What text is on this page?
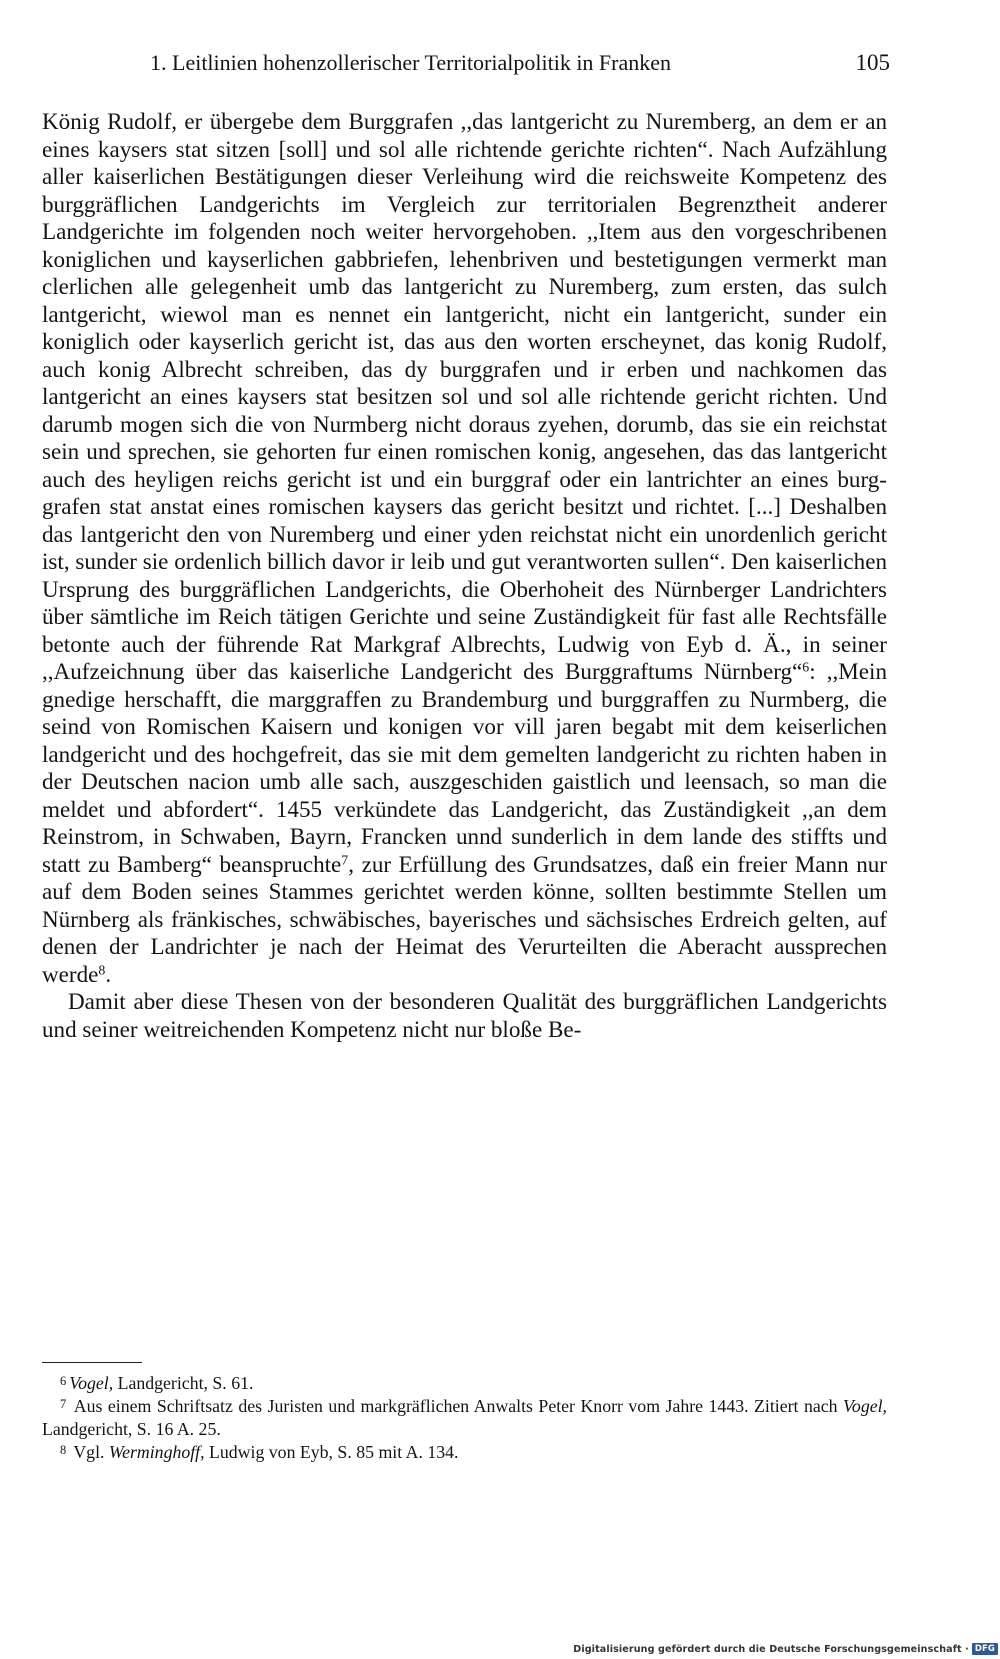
1. Leitlinien hohenzollerischer Territorialpolitik in Franken	105

König Rudolf, er übergebe dem Burggrafen ,,das lantgericht zu Nuremberg, an dem er an eines kaysers stat sitzen [soll] und sol alle richtende gerichte richten“. Nach Aufzählung aller kaiserlichen Bestätigungen dieser Verleihung wird die reichsweite Kompetenz des burggräflichen Landgerichts im Vergleich zur territorialen Begrenztheit anderer Landgerichte im folgenden noch weiter hervorgehoben. ,,Item aus den vorgeschribenen koniglichen und kayserlichen gabbriefen, lehenbriven und bestetigungen vermerkt man clerlichen alle gelegenheit umb das lantgericht zu Nuremberg, zum ersten, das sulch lantgericht, wiewol man es nennet ein lantgericht, nicht ein lantgericht, sunder ein koniglich oder kayserlich gericht ist, das aus den worten erscheynet, das konig Rudolf, auch konig Albrecht schreiben, das dy burggrafen und ir erben und nachkomen das lantgericht an eines kaysers stat besitzen sol und sol alle richtende gericht richten. Und darumb mogen sich die von Nurmberg nicht doraus zyehen, dorumb, das sie ein reichstat sein und sprechen, sie gehorten fur einen romischen konig, angesehen, das das lantgericht auch des heyligen reichs gericht ist und ein burggraf oder ein lantrichter an eines burggrafen stat anstat eines romischen kaysers das gericht besitzt und richtet. [...] Deshalben das lantgericht den von Nuremberg und einer yden reichstat nicht ein unordenlich gericht ist, sunder sie ordenlich billich davor ir leib und gut verantworten sullen“. Den kaiserlichen Ursprung des burggräflichen Landgerichts, die Oberhoheit des Nürnberger Landrichters über sämtliche im Reich tätigen Gerichte und seine Zuständigkeit für fast alle Rechtsfälle betonte auch der führende Rat Markgraf Albrechts, Ludwig von Eyb d. Ä., in seiner ,,Aufzeichnung über das kaiserliche Landgericht des Burggraftums Nürnberg“$^6$: ,,Mein gnedige herschafft, die marggraffen zu Brandemburg und burggraffen zu Nurmberg, die seind von Romischen Kaisern und konigen vor vill jaren begabt mit dem keiserlichen landgericht und des hochgefreit, das sie mit dem gemelten landgericht zu richten haben in der Deutschen nacion umb alle sach, auszgeschiden gaistlich und leensach, so man die meldet und abfordert“. 1455 verkündete das Landgericht, das Zuständigkeit ,,an dem Reinstrom, in Schwaben, Bayrn, Francken unnd sunderlich in dem lande des stiffts und statt zu Bamberg“ beanspruchte$^7$, zur Erfüllung des Grundsatzes, daß ein freier Mann nur auf dem Boden seines Stammes gerichtet werden könne, sollten bestimmte Stellen um Nürnberg als fränkisches, schwäbisches, bayerisches und sächsisches Erdreich gelten, auf denen der Landrichter je nach der Heimat des Verurteilten die Aberacht aussprechen werde$^8$.

Damit aber diese Thesen von der besonderen Qualität des burggräflichen Landgerichts und seiner weitreichenden Kompetenz nicht nur bloße Be-

$^6$ Vogel, Landgericht, S. 61.

$^7$ Aus einem Schriftsatz des Juristen und markgräflichen Anwalts Peter Knorr vom Jahre 1443. Zitiert nach Vogel, Landgericht, S. 16 A. 25.

$^8$ Vgl. Werminghoff, Ludwig von Eyb, S. 85 mit A. 134.

Digitalisierung gefördert durch die Deutsche Forschungsgemeinschaft · DFG
